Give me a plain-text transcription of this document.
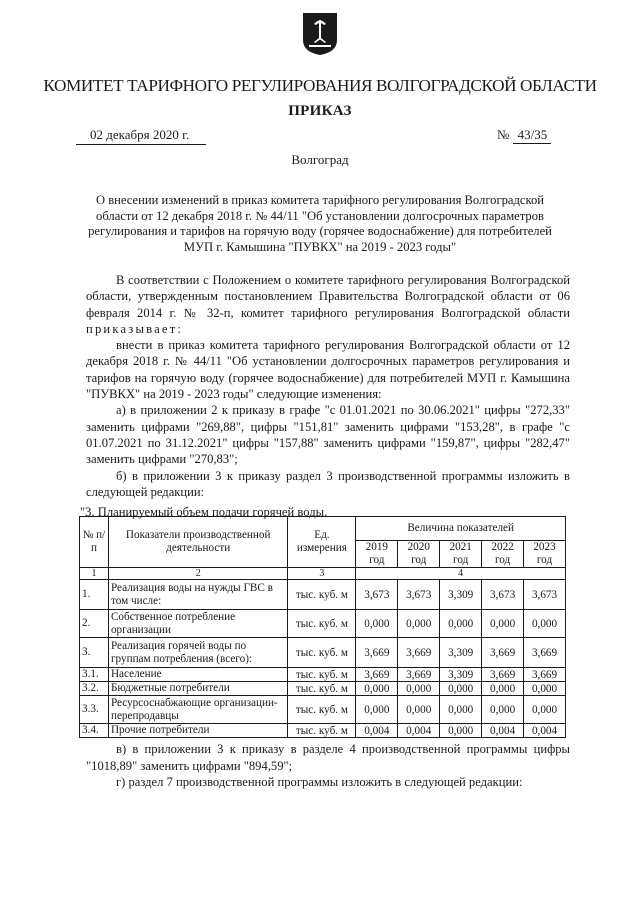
КОМИТЕТ ТАРИФНОГО РЕГУЛИРОВАНИЯ ВОЛГОГРАДСКОЙ ОБЛАСТИ
ПРИКАЗ
02 декабря 2020 г.	№ 43/35
Волгоград
О внесении изменений в приказ комитета тарифного регулирования Волгоградской области от 12 декабря 2018 г. № 44/11 "Об установлении долгосрочных параметров регулирования и тарифов на горячую воду (горячее водоснабжение) для потребителей МУП г. Камышина "ПУВКХ" на 2019 - 2023 годы"

В соответствии с Положением о комитете тарифного регулирования Волгоградской области, утвержденным постановлением Правительства Волгоградской области от 06 февраля 2014 г. № 32-п, комитет тарифного регулирования Волгоградской области приказывает:

внести в приказ комитета тарифного регулирования Волгоградской области от 12 декабря 2018 г. № 44/11 "Об установлении долгосрочных параметров регулирования и тарифов на горячую воду (горячее водоснабжение) для потребителей МУП г. Камышина "ПУВКХ" на 2019 - 2023 годы" следующие изменения:

а) в приложении 2 к приказу в графе "с 01.01.2021 по 30.06.2021" цифры "272,33" заменить цифрами "269,88", цифры "151,81" заменить цифрами "153,28", в графе "с 01.07.2021 по 31.12.2021" цифры "157,88" заменить цифрами "159,87", цифры "282,47" заменить цифрами "270,83";

б) в приложении 3 к приказу раздел 3 производственной программы изложить в следующей редакции:

"3. Планируемый объем подачи горячей воды.
№ п/п	Показатели производственной деятельности	Ед. измерения	Величина показателей				
			2019 год	2020 год	2021 год	2022 год	2023 год
1	2	3	4				
1.	Реализация воды на нужды ГВС в том числе:	тыс. куб. м	3,673	3,673	3,309	3,673	3,673
2.	Собственное потребление организации	тыс. куб. м	0,000	0,000	0,000	0,000	0,000
3.	Реализация горячей воды по группам потребления (всего):	тыс. куб. м	3,669	3,669	3,309	3,669	3,669
3.1.	Население	тыс. куб. м	3,669	3,669	3,309	3,669	3,669
3.2.	Бюджетные потребители	тыс. куб. м	0,000	0,000	0,000	0,000	0,000
3.3.	Ресурсоснабжающие организации-перепродавцы	тыс. куб. м	0,000	0,000	0,000	0,000	0,000
3.4.	Прочие потребители	тыс. куб. м	0,004	0,004	0,000	0,004	0,004

в) в приложении 3 к приказу в разделе 4 производственной программы цифры "1018,89" заменить цифрами "894,59";

г) раздел 7 производственной программы изложить в следующей редакции:
